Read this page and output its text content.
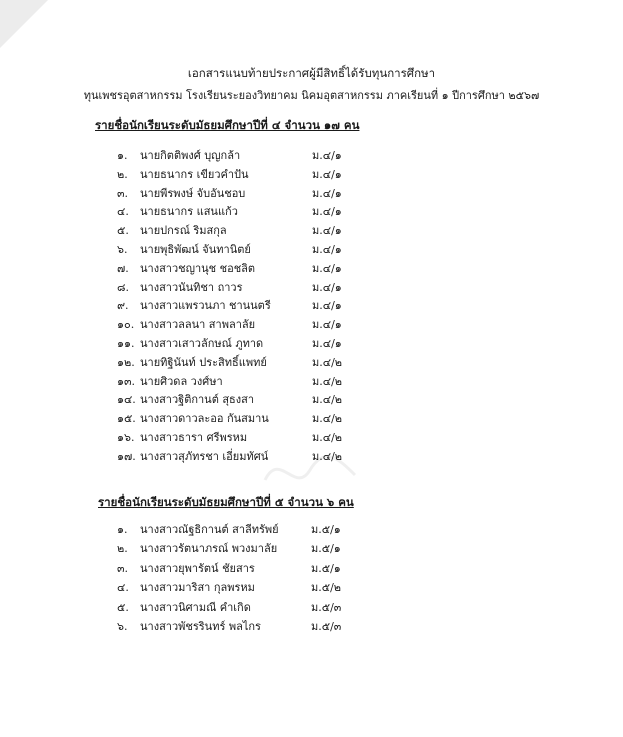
เอกสารแนบท้ายประกาศผู้มีสิทธิ์ได้รับทุนการศึกษา
ทุนเพชรอุตสาหกรรม โรงเรียนระยองวิทยาคม นิคมอุตสาหกรรม ภาคเรียนที่ ๑ ปีการศึกษา ๒๕๖๗
รายชื่อนักเรียนระดับมัธยมศึกษาปีที่ ๔ จำนวน ๑๗ คน
๑. นายกิตติพงศ์ บุญกล้า	ม.๔/๑
๒. นายธนากร เขียวคำปัน	ม.๔/๑
๓. นายพีรพงษ์ จับอันชอบ	ม.๔/๑
๔. นายธนากร แสนแก้ว	ม.๔/๑
๕. นายปกรณ์ ริมสกุล	ม.๔/๑
๖. นายพุธิพัฒน์ จันทานิตย์	ม.๔/๑
๗. นางสาวชญานุช ชอชลิต	ม.๔/๑
๘. นางสาวนันทิชา ถาวร	ม.๔/๑
๙. นางสาวแพรวนภา ชานนตรี	ม.๔/๑
๑๐. นางสาวลลนา สาพลาลัย	ม.๔/๑
๑๑. นางสาวเสาวลักษณ์ ภูทาด	ม.๔/๑
๑๒. นายทิฐินันท์ ประสิทธิ์แพทย์	ม.๔/๒
๑๓. นายศิวดล วงศ์ษา	ม.๔/๒
๑๔. นางสาวฐิติกานต์ สุธงสา	ม.๔/๒
๑๕. นางสาวดาวละออ กันสมาน	ม.๔/๒
๑๖. นางสาวธารา ศรีพรหม	ม.๔/๒
๑๗. นางสาวสุภัทรชา เอี่ยมทัศน์	ม.๔/๒
รายชื่อนักเรียนระดับมัธยมศึกษาปีที่ ๕ จำนวน ๖ คน
๑. นางสาวณัฐธิกานต์ สาลีทรัพย์	ม.๕/๑
๒. นางสาวรัตนาภรณ์ พวงมาลัย	ม.๕/๑
๓. นางสาวยุพารัตน์ ชัยสาร	ม.๕/๑
๔. นางสาวมาริสา กุลพรหม	ม.๕/๒
๕. นางสาวนิศามณี คำเกิด	ม.๕/๓
๖. นางสาวพัชรรินทร์ พลไกร	ม.๕/๓
